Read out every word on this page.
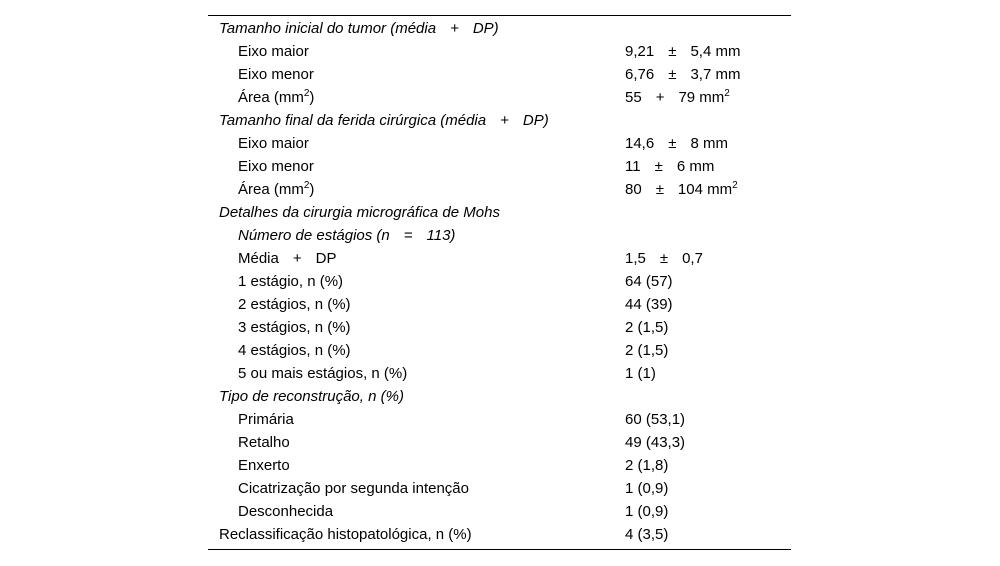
Tamanho inicial do tumor (média + DP)
Eixo maior	9,21 ± 5,4 mm
Eixo menor	6,76 ± 3,7 mm
Área $(mm^2)$	55 + 79 $mm^2$
Tamanho final da ferida cirúrgica (média + DP)
Eixo maior	14,6 ± 8 mm
Eixo menor	11 ± 6 mm
Área $(mm^2)$	80 ± 104 $mm^2$
Detalhes da cirurgia micrográfica de Mohs
Número de estágios (n = 113)
Média + DP	1,5 ± 0,7
1 estágio, n (%)	64 (57)
2 estágios, n (%)	44 (39)
3 estágios, n (%)	2 (1,5)
4 estágios, n (%)	2 (1,5)
5 ou mais estágios, n (%)	1 (1)
Tipo de reconstrução, n (%)
Primária	60 (53,1)
Retalho	49 (43,3)
Enxerto	2 (1,8)
Cicatrização por segunda intenção	1 (0,9)
Desconhecida	1 (0,9)
Reclassificação histopatológica, n (%)	4 (3,5)
